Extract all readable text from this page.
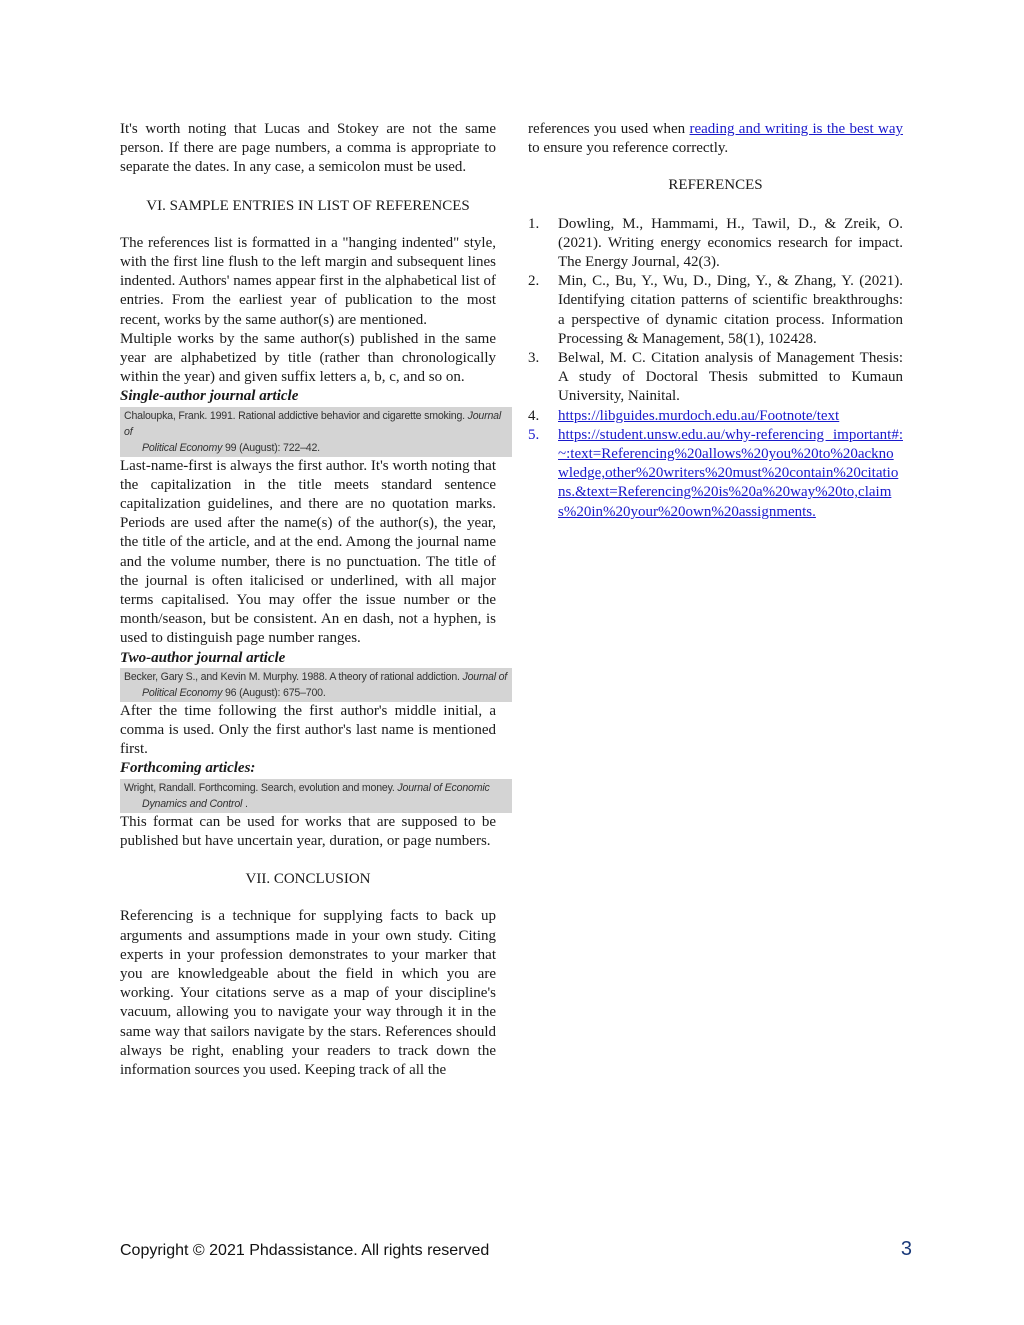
It's worth noting that Lucas and Stokey are not the same person. If there are page numbers, a comma is appropriate to separate the dates. In any case, a semicolon must be used.

VI. SAMPLE ENTRIES IN LIST OF REFERENCES

The references list is formatted in a "hanging indented" style, with the first line flush to the left margin and subsequent lines indented. Authors' names appear first in the alphabetical list of entries. From the earliest year of publication to the most recent, works by the same author(s) are mentioned.

Multiple works by the same author(s) published in the same year are alphabetized by title (rather than chronologically within the year) and given suffix letters a, b, c, and so on.

Single-author journal article
Chaloupka, Frank. 1991. Rational addictive behavior and cigarette smoking. Journal of
Political Economy 99 (August): 722–42.

Last-name-first is always the first author. It's worth noting that the capitalization in the title meets standard sentence capitalization guidelines, and there are no quotation marks. Periods are used after the name(s) of the author(s), the year, the title of the article, and at the end. Among the journal name and the volume number, there is no punctuation. The title of the journal is often italicised or underlined, with all major terms capitalised. You may offer the issue number or the month/season, but be consistent. An en dash, not a hyphen, is used to distinguish page number ranges.

Two-author journal article
Becker, Gary S., and Kevin M. Murphy. 1988. A theory of rational addiction. Journal of
Political Economy 96 (August): 675–700.

After the time following the first author's middle initial, a comma is used. Only the first author's last name is mentioned first.

Forthcoming articles:
Wright, Randall. Forthcoming. Search, evolution and money. Journal of Economic
Dynamics and Control .

This format can be used for works that are supposed to be published but have uncertain year, duration, or page numbers.

VII. CONCLUSION

Referencing is a technique for supplying facts to back up arguments and assumptions made in your own study. Citing experts in your profession demonstrates to your marker that you are knowledgeable about the field in which you are working. Your citations serve as a map of your discipline's vacuum, allowing you to navigate your way through it in the same way that sailors navigate by the stars. References should always be right, enabling your readers to track down the information sources you used. Keeping track of all the

references you used when reading and writing is the best way to ensure you reference correctly.

REFERENCES
1. Dowling, M., Hammami, H., Tawil, D., & Zreik, O. (2021). Writing energy economics research for impact. The Energy Journal, 42(3).
2. Min, C., Bu, Y., Wu, D., Ding, Y., & Zhang, Y. (2021). Identifying citation patterns of scientific breakthroughs: a perspective of dynamic citation process. Information Processing & Management, 58(1), 102428.
3. Belwal, M. C. Citation analysis of Management Thesis: A study of Doctoral Thesis submitted to Kumaun University, Nainital.
4. https://libguides.murdoch.edu.au/Footnote/text
5. https://student.unsw.edu.au/why-referencing important#:~:text=Referencing%20allows%20you%20to%20acknowledge,other%20writers%20must%20contain%20citations.&text=Referencing%20is%20a%20way%20to,claims%20in%20your%20own%20assignments.
Copyright © 2021 Phdassistance. All rights reserved	3
